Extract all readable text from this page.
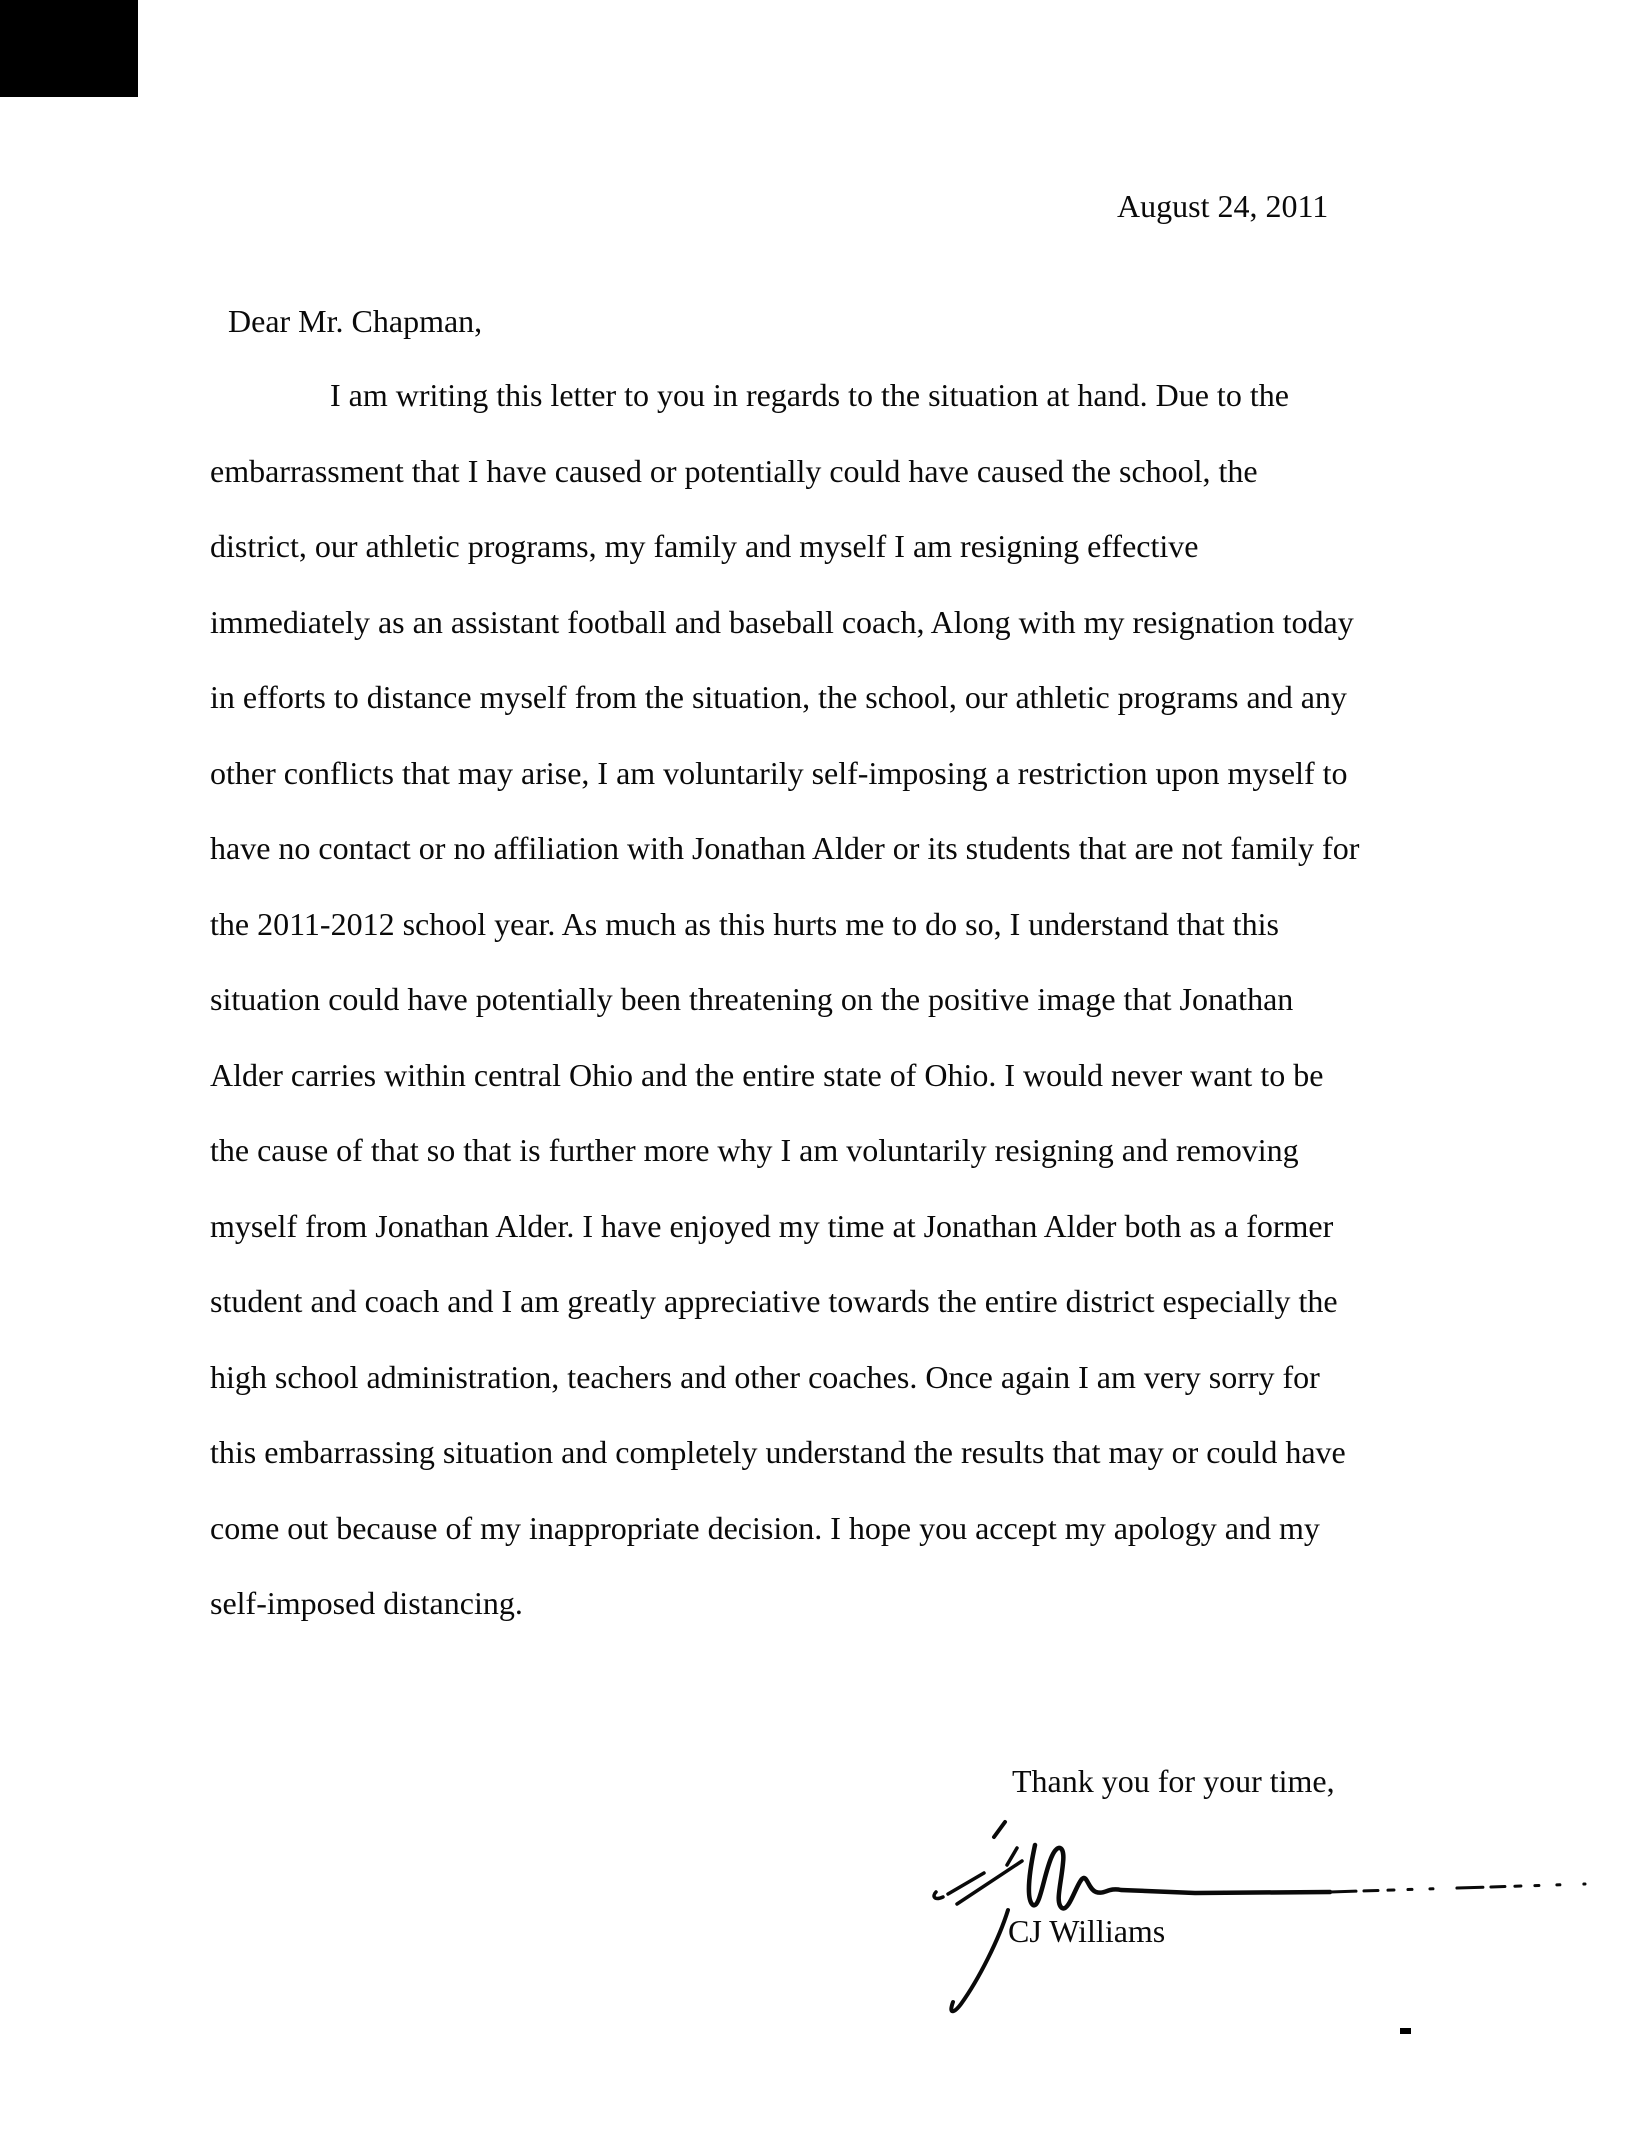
August 24, 2011
Dear Mr. Chapman,
I am writing this letter to you in regards to the situation at hand. Due to the
embarrassment that I have caused or potentially could have caused the school, the
district, our athletic programs, my family and myself I am resigning effective
immediately as an assistant football and baseball coach, Along with my resignation today
in efforts to distance myself from the situation, the school, our athletic programs and any
other conflicts that may arise, I am voluntarily self-imposing a restriction upon myself to
have no contact or no affiliation with Jonathan Alder or its students that are not family for
the 2011-2012 school year. As much as this hurts me to do so, I understand that this
situation could have potentially been threatening on the positive image that Jonathan
Alder carries within central Ohio and the entire state of Ohio. I would never want to be
the cause of that so that is further more why I am voluntarily resigning and removing
myself from Jonathan Alder. I have enjoyed my time at Jonathan Alder both as a former
student and coach and I am greatly appreciative towards the entire district especially the
high school administration, teachers and other coaches. Once again I am very sorry for
this embarrassing situation and completely understand the results that may or could have
come out because of my inappropriate decision. I hope you accept my apology and my
self-imposed distancing.
Thank you for your time,
CJ Williams
